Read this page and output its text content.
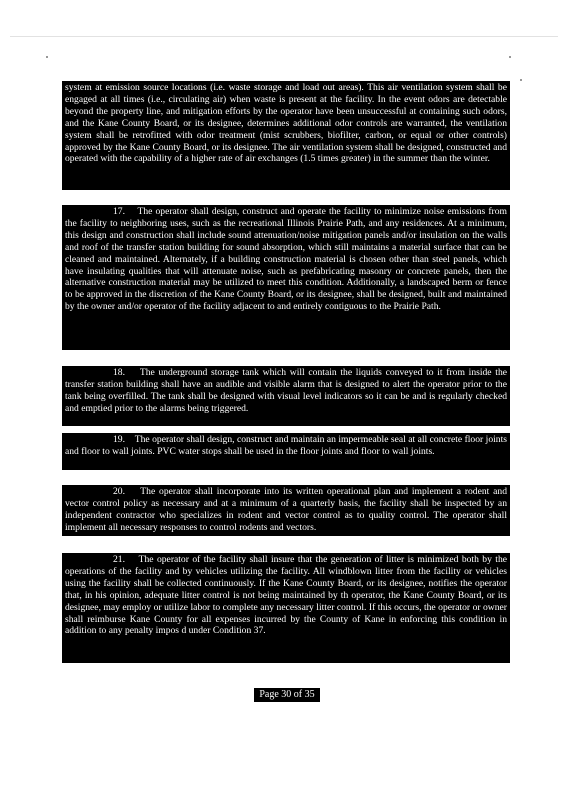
system at emission source locations (i.e. waste storage and load out areas). This air ventilation system shall be engaged at all times (i.e., circulating air) when waste is present at the facility. In the event odors are detectable beyond the property line, and mitigation efforts by the operator have been unsuccessful at containing such odors, and the Kane County Board, or its designee, determines additional odor controls are warranted, the ventilation system shall be retrofitted with odor treatment (mist scrubbers, biofilter, carbon, or equal or other controls) approved by the Kane County Board, or its designee. The air ventilation system shall be designed, constructed and operated with the capability of a higher rate of air exchanges (1.5 times greater) in the summer than the winter.

17. The operator shall design, construct and operate the facility to minimize noise emissions from the facility to neighboring uses, such as the recreational Illinois Prairie Path, and any residences. At a minimum, this design and construction shall include sound attenuation/noise mitigation panels and/or insulation on the walls and roof of the transfer station building for sound absorption, which still maintains a material surface that can be cleaned and maintained. Alternately, if a building construction material is chosen other than steel panels, which have insulating qualities that will attenuate noise, such as prefabricating masonry or concrete panels, then the alternative construction material may be utilized to meet this condition. Additionally, a landscaped berm or fence to be approved in the discretion of the Kane County Board, or its designee, shall be designed, built and maintained by the owner and/or operator of the facility adjacent to and entirely contiguous to the Prairie Path.

18. The underground storage tank which will contain the liquids conveyed to it from inside the transfer station building shall have an audible and visible alarm that is designed to alert the operator prior to the tank being overfilled. The tank shall be designed with visual level indicators so it can be and is regularly checked and emptied prior to the alarms being triggered.

19. The operator shall design, construct and maintain an impermeable seal at all concrete floor joints and floor to wall joints. PVC water stops shall be used in the floor joints and floor to wall joints.

20. The operator shall incorporate into its written operational plan and implement a rodent and vector control policy as necessary and at a minimum of a quarterly basis, the facility shall be inspected by an independent contractor who specializes in rodent and vector control as to quality control. The operator shall implement all necessary responses to control rodents and vectors.

21. The operator of the facility shall insure that the generation of litter is minimized both by the operations of the facility and by vehicles utilizing the facility. All windblown litter from the facility or vehicles using the facility shall be collected continuously. If the Kane County Board, or its designee, notifies the operator that, in his opinion, adequate litter control is not being maintained by th operator, the Kane County Board, or its designee, may employ or utilize labor to complete any necessary litter control. If this occurs, the operator or owner shall reimburse Kane County for all expenses incurred by the County of Kane in enforcing this condition in addition to any penalty impos d under Condition 37.

Page 30 of 35
